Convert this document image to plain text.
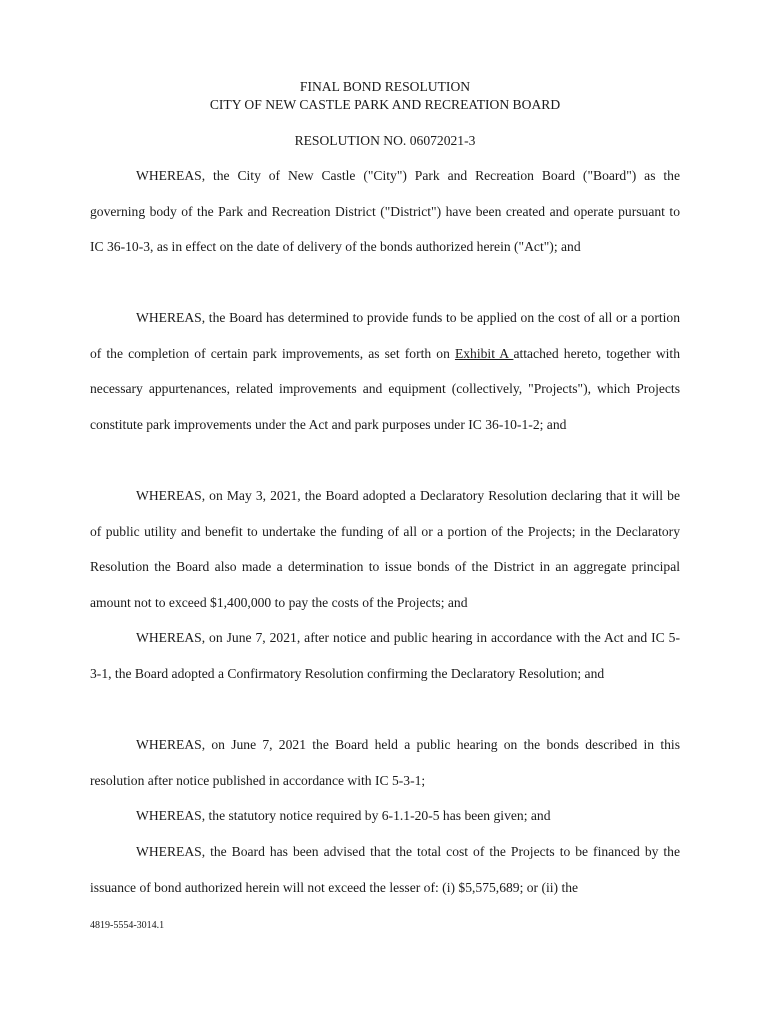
FINAL BOND RESOLUTION
CITY OF NEW CASTLE PARK AND RECREATION BOARD
RESOLUTION NO. 06072021-3

WHEREAS, the City of New Castle ("City") Park and Recreation Board ("Board") as the governing body of the Park and Recreation District ("District") have been created and operate pursuant to IC 36-10-3, as in effect on the date of delivery of the bonds authorized herein ("Act"); and

WHEREAS, the Board has determined to provide funds to be applied on the cost of all or a portion of the completion of certain park improvements, as set forth on Exhibit A attached hereto, together with necessary appurtenances, related improvements and equipment (collectively, "Projects"), which Projects constitute park improvements under the Act and park purposes under IC 36-10-1-2; and

WHEREAS, on May 3, 2021, the Board adopted a Declaratory Resolution declaring that it will be of public utility and benefit to undertake the funding of all or a portion of the Projects; in the Declaratory Resolution the Board also made a determination to issue bonds of the District in an aggregate principal amount not to exceed $1,400,000 to pay the costs of the Projects; and

WHEREAS, on June 7, 2021, after notice and public hearing in accordance with the Act and IC 5-3-1, the Board adopted a Confirmatory Resolution confirming the Declaratory Resolution; and

WHEREAS, on June 7, 2021 the Board held a public hearing on the bonds described in this resolution after notice published in accordance with IC 5-3-1;

WHEREAS, the statutory notice required by 6-1.1-20-5 has been given; and

WHEREAS, the Board has been advised that the total cost of the Projects to be financed by the issuance of bond authorized herein will not exceed the lesser of: (i) $5,575,689; or (ii) the

4819-5554-3014.1
